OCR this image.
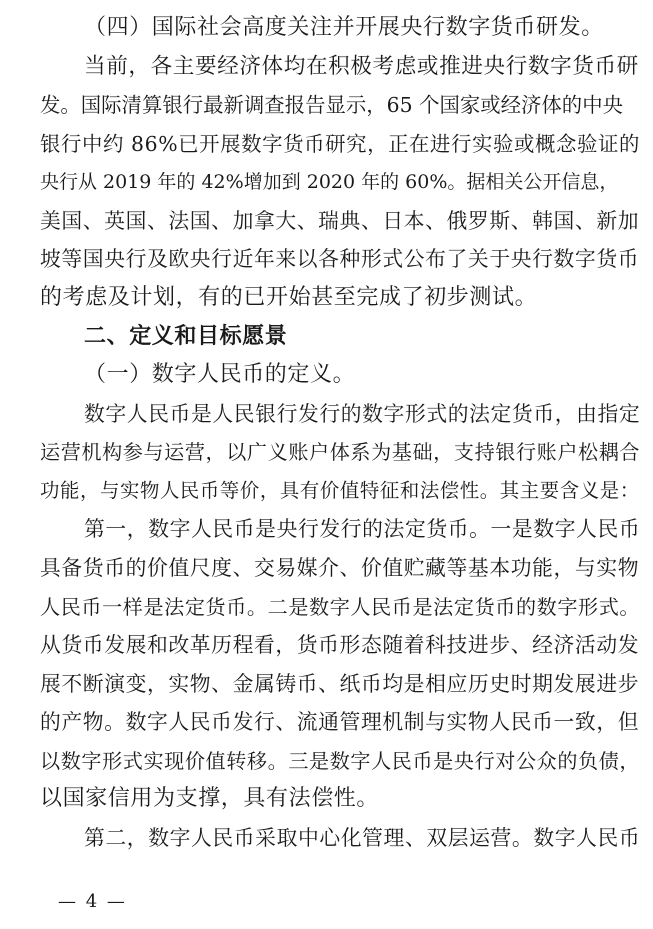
（四）国际社会高度关注并开展央行数字货币研发。
当前，各主要经济体均在积极考虑或推进央行数字货币研
发。国际清算银行最新调查报告显示，65 个国家或经济体的中央
银行中约 86%已开展数字货币研究，正在进行实验或概念验证的
央行从 2019 年的 42%增加到 2020 年的 60%。据相关公开信息，
美国、英国、法国、加拿大、瑞典、日本、俄罗斯、韩国、新加
坡等国央行及欧央行近年来以各种形式公布了关于央行数字货币
的考虑及计划，有的已开始甚至完成了初步测试。
二、定义和目标愿景
（一）数字人民币的定义。
数字人民币是人民银行发行的数字形式的法定货币，由指定
运营机构参与运营，以广义账户体系为基础，支持银行账户松耦合
功能，与实物人民币等价，具有价值特征和法偿性。其主要含义是：
第一，数字人民币是央行发行的法定货币。一是数字人民币
具备货币的价值尺度、交易媒介、价值贮藏等基本功能，与实物
人民币一样是法定货币。二是数字人民币是法定货币的数字形式。
从货币发展和改革历程看，货币形态随着科技进步、经济活动发
展不断演变，实物、金属铸币、纸币均是相应历史时期发展进步
的产物。数字人民币发行、流通管理机制与实物人民币一致，但
以数字形式实现价值转移。三是数字人民币是央行对公众的负债，
以国家信用为支撑，具有法偿性。
第二，数字人民币采取中心化管理、双层运营。数字人民币
— 4 —
